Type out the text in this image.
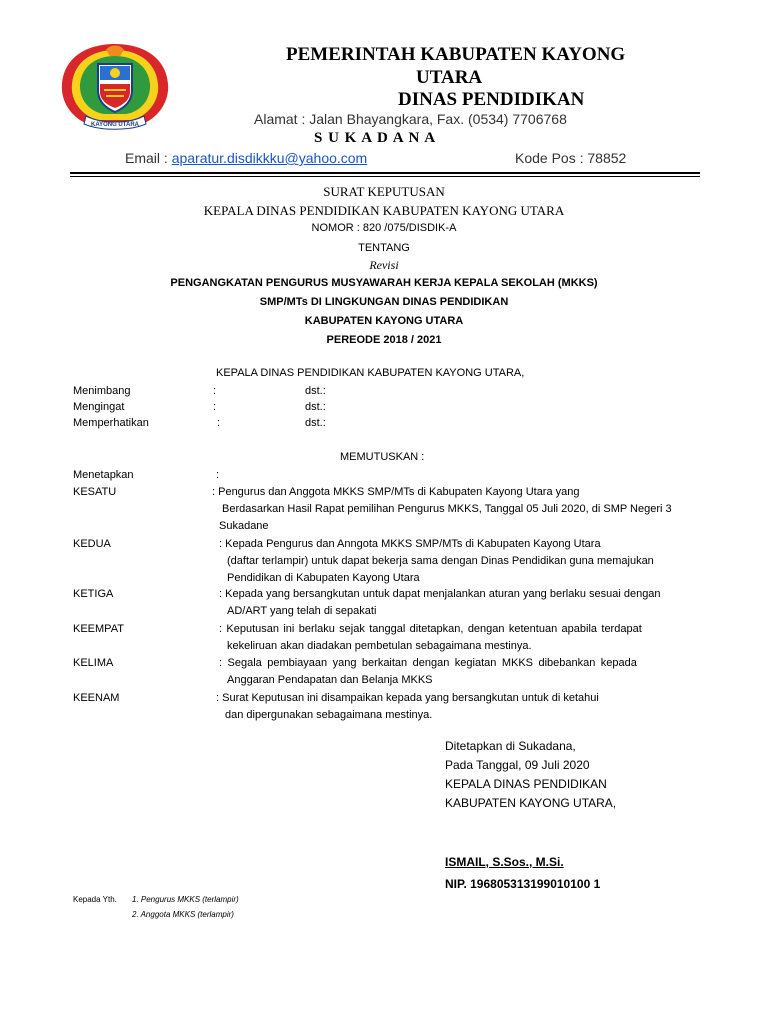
KAYONG UTARA
PEMERINTAH KABUPATEN KAYONG
UTARA
DINAS PENDIDIKAN
Alamat : Jalan Bhayangkara, Fax. (0534) 7706768
S U K A D A N A
Email : aparatur.disdikkku@yahoo.com	Kode Pos : 78852
SURAT KEPUTUSAN
KEPALA DINAS PENDIDIKAN KABUPATEN KAYONG UTARA
NOMOR : 820 /075/DISDIK-A
TENTANG
Revisi
PENGANGKATAN PENGURUS MUSYAWARAH KERJA KEPALA SEKOLAH (MKKS)
SMP/MTs DI LINGKUNGAN DINAS PENDIDIKAN
KABUPATEN KAYONG UTARA
PEREODE 2018 / 2021
KEPALA DINAS PENDIDIKAN KABUPATEN KAYONG UTARA,
Menimbang	:	dst.:
Mengingat	:	dst.:
Memperhatikan	:	dst.:
MEMUTUSKAN :
Menetapkan	:
KESATU	: Pengurus dan Anggota MKKS SMP/MTs di Kabupaten Kayong Utara yang
Berdasarkan Hasil Rapat pemilihan Pengurus MKKS, Tanggal 05 Juli 2020, di SMP Negeri 3
Sukadane
KEDUA	: Kepada Pengurus dan Anngota MKKS SMP/MTs di Kabupaten Kayong Utara
(daftar terlampir) untuk dapat bekerja sama dengan Dinas Pendidikan guna memajukan
Pendidikan di Kabupaten Kayong Utara
KETIGA	: Kepada yang bersangkutan untuk dapat menjalankan aturan yang berlaku sesuai dengan
AD/ART yang telah di sepakati
KEEMPAT	: Keputusan ini berlaku sejak tanggal ditetapkan, dengan ketentuan apabila terdapat
kekeliruan akan diadakan pembetulan sebagaimana mestinya.
KELIMA	: Segala pembiayaan yang berkaitan dengan kegiatan MKKS dibebankan kepada
Anggaran Pendapatan dan Belanja MKKS
KEENAM	: Surat Keputusan ini disampaikan kepada yang bersangkutan untuk di ketahui
dan dipergunakan sebagaimana mestinya.
Ditetapkan di Sukadana,
Pada Tanggal, 09 Juli 2020
KEPALA DINAS PENDIDIKAN
KABUPATEN KAYONG UTARA,
ISMAIL, S.Sos., M.Si.
NIP. 196805313199010100 1
Kepada Yth. 1. Pengurus MKKS (terlampir)
2. Anggota MKKS (terlampir)
